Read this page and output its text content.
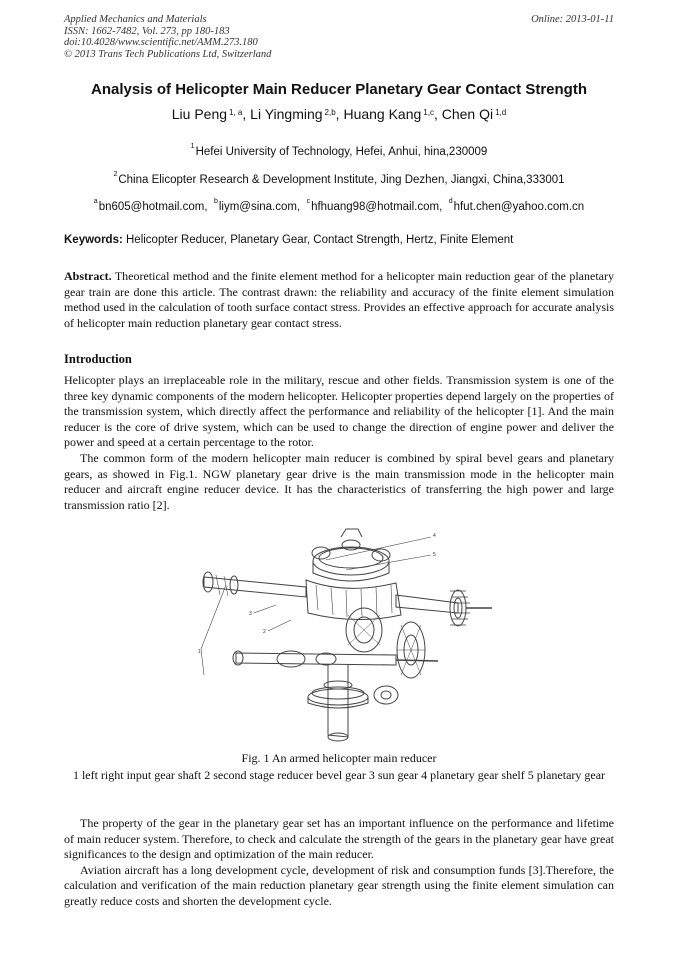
Applied Mechanics and Materials
ISSN: 1662-7482, Vol. 273, pp 180-183
doi:10.4028/www.scientific.net/AMM.273.180
© 2013 Trans Tech Publications Ltd, Switzerland
Online: 2013-01-11
Analysis of Helicopter Main Reducer Planetary Gear Contact Strength
Liu Peng $^{1, a}$, Li Yingming $^{2,b}$, Huang Kang $^{1,c}$, Chen Qi $^{1,d}$
$^1$Hefei University of Technology, Hefei, Anhui, hina,230009
$^2$China Elicopter Research & Development Institute, Jing Dezhen, Jiangxi, China,333001
$^a$bn605@hotmail.com, $^b$liym@sina.com, $^c$hfhuang98@hotmail.com, $^d$hfut.chen@yahoo.com.cn
Keywords: Helicopter Reducer, Planetary Gear, Contact Strength, Hertz, Finite Element

Abstract. Theoretical method and the finite element method for a helicopter main reduction gear of the planetary gear train are done this article. The contrast drawn: the reliability and accuracy of the finite element simulation method used in the calculation of tooth surface contact stress. Provides an effective approach for accurate analysis of helicopter main reduction planetary gear contact stress.

Introduction

Helicopter plays an irreplaceable role in the military, rescue and other fields. Transmission system is one of the three key dynamic components of the modern helicopter. Helicopter properties depend largely on the properties of the transmission system, which directly affect the performance and reliability of the helicopter [1]. And the main reducer is the core of drive system, which can be used to change the direction of engine power and deliver the power and speed at a certain percentage to the rotor.

The common form of the modern helicopter main reducer is combined by spiral bevel gears and planetary gears, as showed in Fig.1. NGW planetary gear drive is the main transmission mode in the helicopter main reducer and aircraft engine reducer device. It has the characteristics of transferring the high power and large transmission ratio [2].

4
5
3
2
1
Fig. 1 An armed helicopter main reducer
1 left right input gear shaft 2 second stage reducer bevel gear 3 sun gear 4 planetary gear shelf 5 planetary gear

The property of the gear in the planetary gear set has an important influence on the performance and lifetime of main reducer system. Therefore, to check and calculate the strength of the gears in the planetary gear have great significances to the design and optimization of the main reducer.

Aviation aircraft has a long development cycle, development of risk and consumption funds [3].Therefore, the calculation and verification of the main reduction planetary gear strength using the finite element simulation can greatly reduce costs and shorten the development cycle.
